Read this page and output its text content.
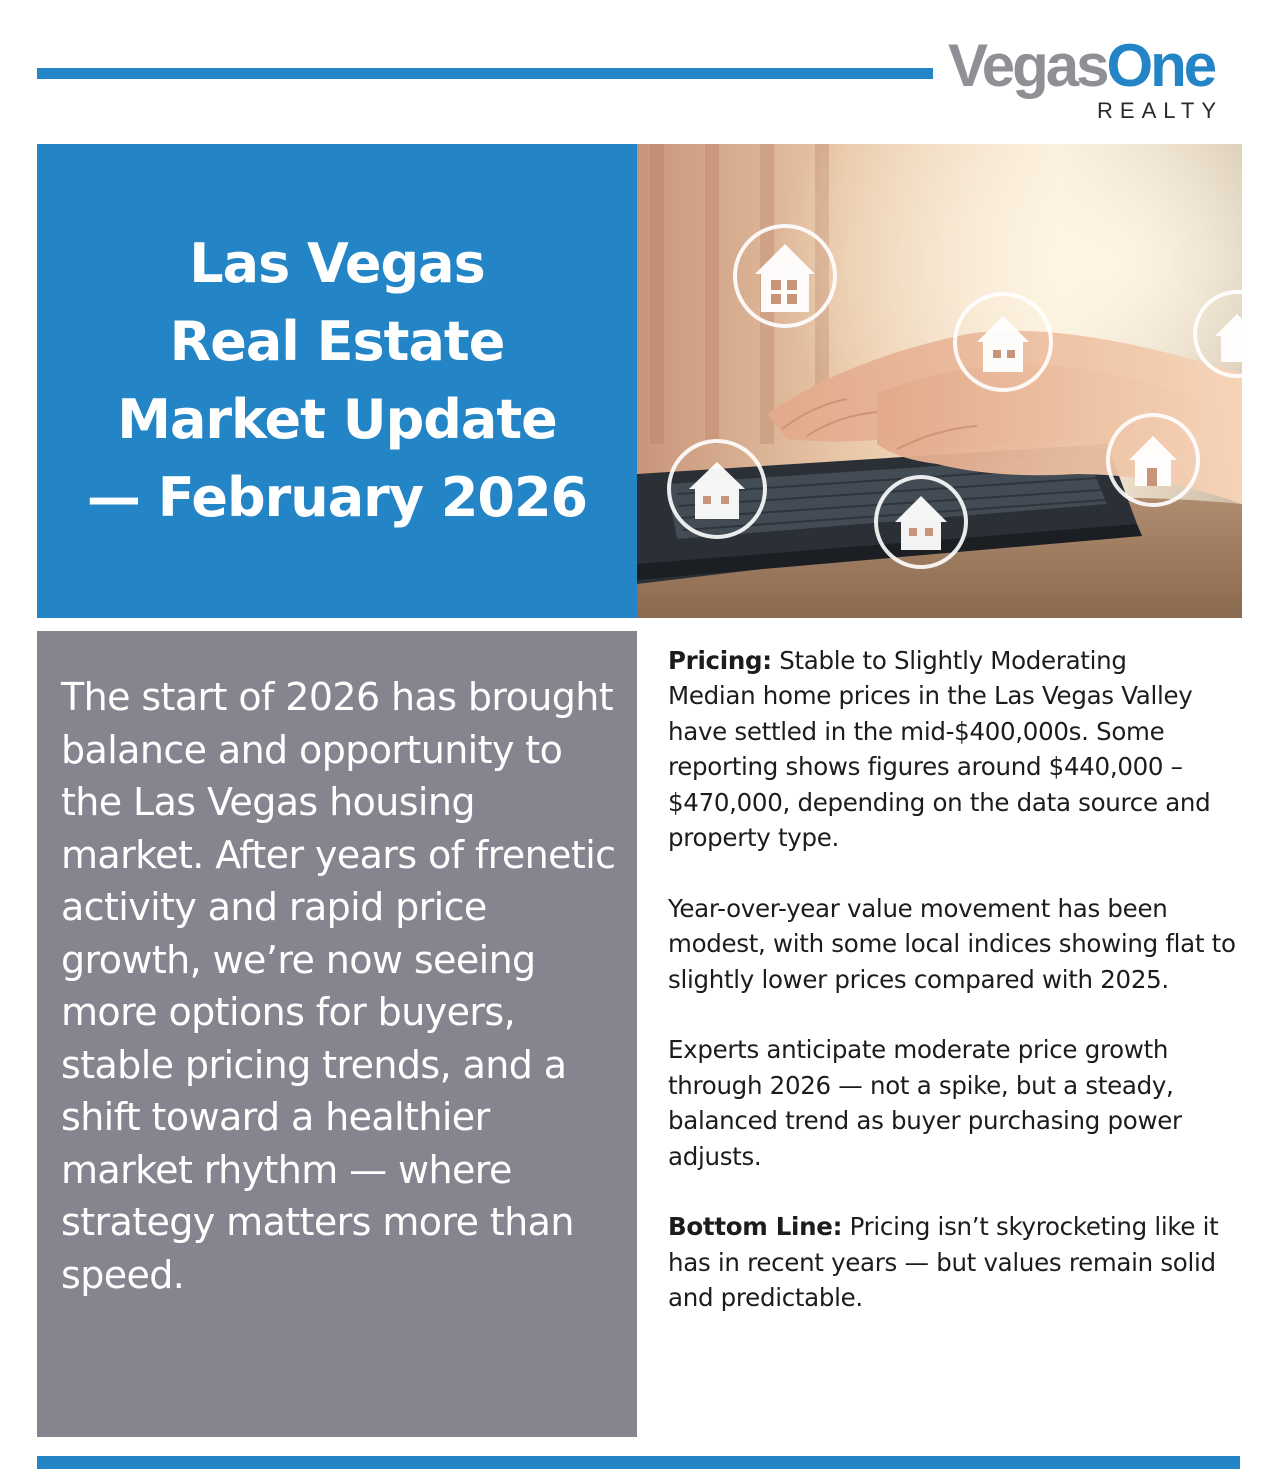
VegasOne
REALTY
Las Vegas
Real Estate
Market Update
— February 2026

The start of 2026 has brought balance and opportunity to the Las Vegas housing market. After years of frenetic activity and rapid price growth, we’re now seeing more options for buyers, stable pricing trends, and a shift toward a healthier market rhythm — where strategy matters more than speed.

Pricing: Stable to Slightly Moderating
Median home prices in the Las Vegas Valley have settled in the mid-$400,000s. Some reporting shows figures around $440,000 – $470,000, depending on the data source and property type.

Year-over-year value movement has been modest, with some local indices showing flat to slightly lower prices compared with 2025.

Experts anticipate moderate price growth through 2026 — not a spike, but a steady, balanced trend as buyer purchasing power adjusts.

Bottom Line: Pricing isn’t skyrocketing like it has in recent years — but values remain solid and predictable.
